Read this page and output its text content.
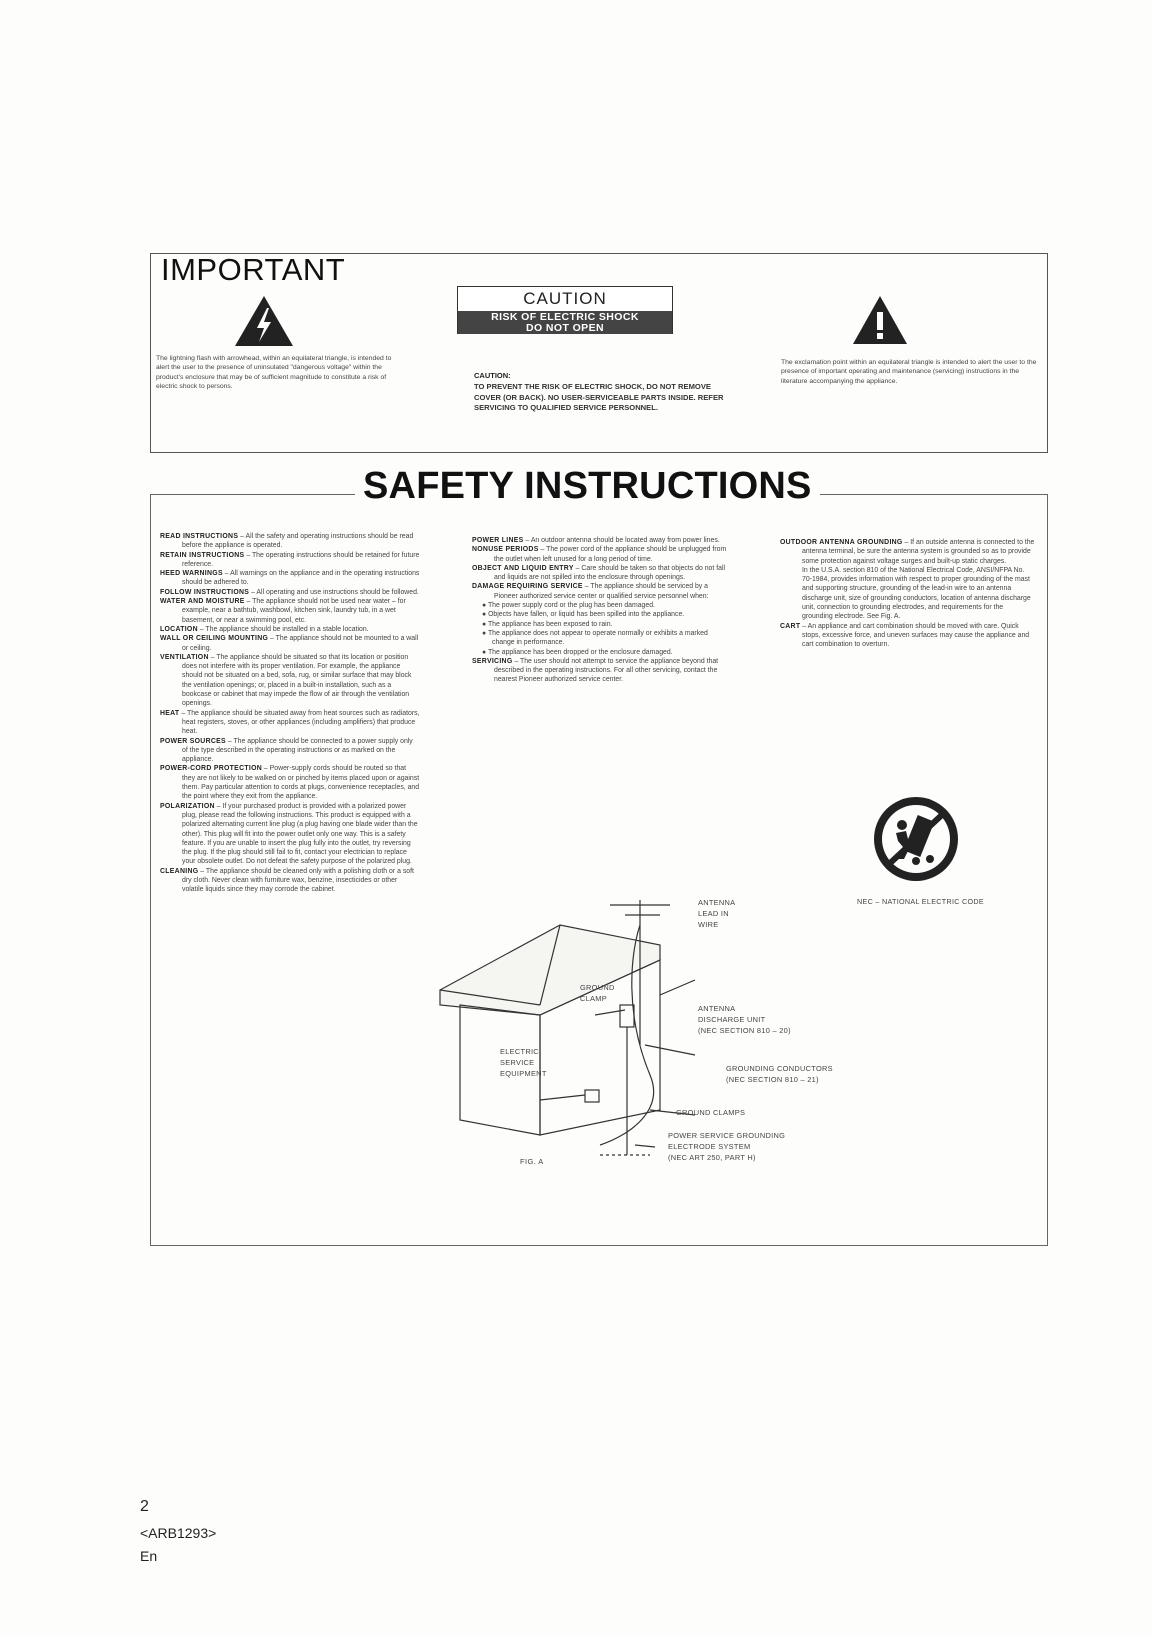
IMPORTANT
The lightning flash with arrowhead, within an equilateral triangle, is intended to alert the user to the presence of uninsulated "dangerous voltage" within the product's enclosure that may be of sufficient magnitude to constitute a risk of electric shock to persons.
CAUTION
RISK OF ELECTRIC SHOCK
DO NOT OPEN
CAUTION:
TO PREVENT THE RISK OF ELECTRIC SHOCK, DO NOT REMOVE COVER (OR BACK). NO USER-SERVICEABLE PARTS INSIDE. REFER SERVICING TO QUALIFIED SERVICE PERSONNEL.
The exclamation point within an equilateral triangle is intended to alert the user to the presence of important operating and maintenance (servicing) instructions in the literature accompanying the appliance.
SAFETY INSTRUCTIONS

READ INSTRUCTIONS – All the safety and operating instructions should be read before the appliance is operated.

RETAIN INSTRUCTIONS – The operating instructions should be retained for future reference.

HEED WARNINGS – All warnings on the appliance and in the operating instructions should be adhered to.

FOLLOW INSTRUCTIONS – All operating and use instructions should be followed.

WATER AND MOISTURE – The appliance should not be used near water – for example, near a bathtub, washbowl, kitchen sink, laundry tub, in a wet basement, or near a swimming pool, etc.

LOCATION – The appliance should be installed in a stable location.

WALL OR CEILING MOUNTING – The appliance should not be mounted to a wall or ceiling.

VENTILATION – The appliance should be situated so that its location or position does not interfere with its proper ventilation. For example, the appliance should not be situated on a bed, sofa, rug, or similar surface that may block the ventilation openings; or, placed in a built-in installation, such as a bookcase or cabinet that may impede the flow of air through the ventilation openings.

HEAT – The appliance should be situated away from heat sources such as radiators, heat registers, stoves, or other appliances (including amplifiers) that produce heat.

POWER SOURCES – The appliance should be connected to a power supply only of the type described in the operating instructions or as marked on the appliance.

POWER-CORD PROTECTION – Power-supply cords should be routed so that they are not likely to be walked on or pinched by items placed upon or against them. Pay particular attention to cords at plugs, convenience receptacles, and the point where they exit from the appliance.

POLARIZATION – If your purchased product is provided with a polarized power plug, please read the following instructions. This product is equipped with a polarized alternating current line plug (a plug having one blade wider than the other). This plug will fit into the power outlet only one way. This is a safety feature. If you are unable to insert the plug fully into the outlet, try reversing the plug. If the plug should still fail to fit, contact your electrician to replace your obsolete outlet. Do not defeat the safety purpose of the polarized plug.

CLEANING – The appliance should be cleaned only with a polishing cloth or a soft dry cloth. Never clean with furniture wax, benzine, insecticides or other volatile liquids since they may corrode the cabinet.

POWER LINES – An outdoor antenna should be located away from power lines.

NONUSE PERIODS – The power cord of the appliance should be unplugged from the outlet when left unused for a long period of time.

OBJECT AND LIQUID ENTRY – Care should be taken so that objects do not fall and liquids are not spilled into the enclosure through openings.

DAMAGE REQUIRING SERVICE – The appliance should be serviced by a Pioneer authorized service center or qualified service personnel when:

● The power supply cord or the plug has been damaged.

● Objects have fallen, or liquid has been spilled into the appliance.

● The appliance has been exposed to rain.

● The appliance does not appear to operate normally or exhibits a marked change in performance.

● The appliance has been dropped or the enclosure damaged.

SERVICING – The user should not attempt to service the appliance beyond that described in the operating instructions. For all other servicing, contact the nearest Pioneer authorized service center.

OUTDOOR ANTENNA GROUNDING – If an outside antenna is connected to the antenna terminal, be sure the antenna system is grounded so as to provide some protection against voltage surges and built-up static charges.

In the U.S.A. section 810 of the National Electrical Code, ANSI/NFPA No. 70-1984, provides information with respect to proper grounding of the mast and supporting structure, grounding of the lead-in wire to an antenna discharge unit, size of grounding conductors, location of antenna discharge unit, connection to grounding electrodes, and requirements for the grounding electrode. See Fig. A.

CART – An appliance and cart combination should be moved with care. Quick stops, excessive force, and uneven surfaces may cause the appliance and cart combination to overturn.

NEC – NATIONAL ELECTRIC CODE
ANTENNA
LEAD IN
WIRE
GROUND
CLAMP
ANTENNA
DISCHARGE UNIT
(NEC SECTION 810 – 20)
ELECTRIC
SERVICE
EQUIPMENT
GROUNDING CONDUCTORS
(NEC SECTION 810 – 21)
GROUND CLAMPS
POWER SERVICE GROUNDING
ELECTRODE SYSTEM
(NEC ART 250, PART H)
FIG. A
2
<ARB1293>
En
